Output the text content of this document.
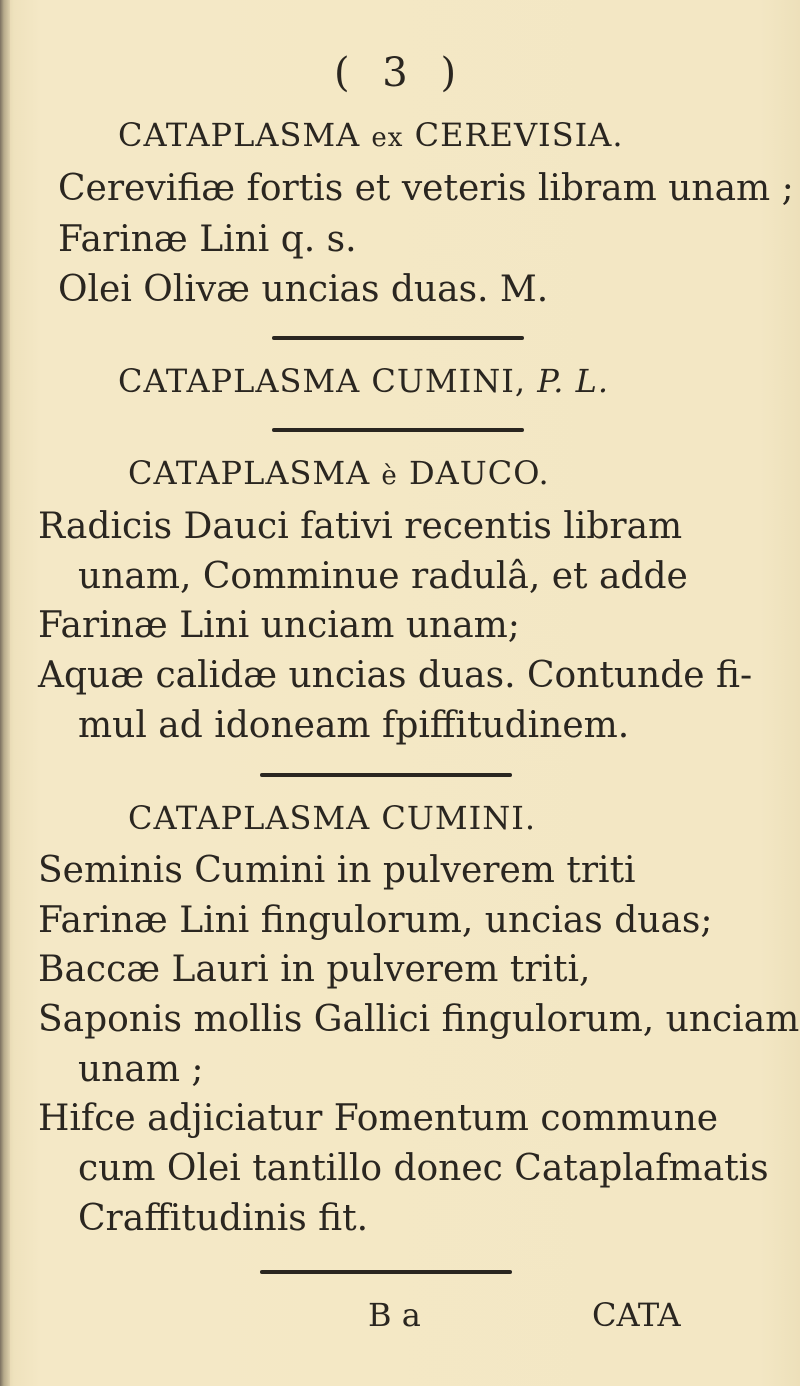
( 3 )
CATAPLASMA ex CEREVISIA.
Cerevifiæ fortis et veteris libram unam ;
Farinæ Lini q. s.
Olei Olivæ uncias duas. M.
CATAPLASMA CUMINI, P. L.
CATAPLASMA è DAUCO.
Radicis Dauci fativi recentis libram
unam, Comminue radulâ, et adde
Farinæ Lini unciam unam;
Aquæ calidæ uncias duas. Contunde fi-
mul ad idoneam fpiffitudinem.
CATAPLASMA CUMINI.
Seminis Cumini in pulverem triti
Farinæ Lini fingulorum, uncias duas;
Baccæ Lauri in pulverem triti,
Saponis mollis Gallici fingulorum, unciam
unam ;
Hifce adjiciatur Fomentum commune
cum Olei tantillo donec Cataplafmatis
Craffitudinis fit.
B a	CATA
